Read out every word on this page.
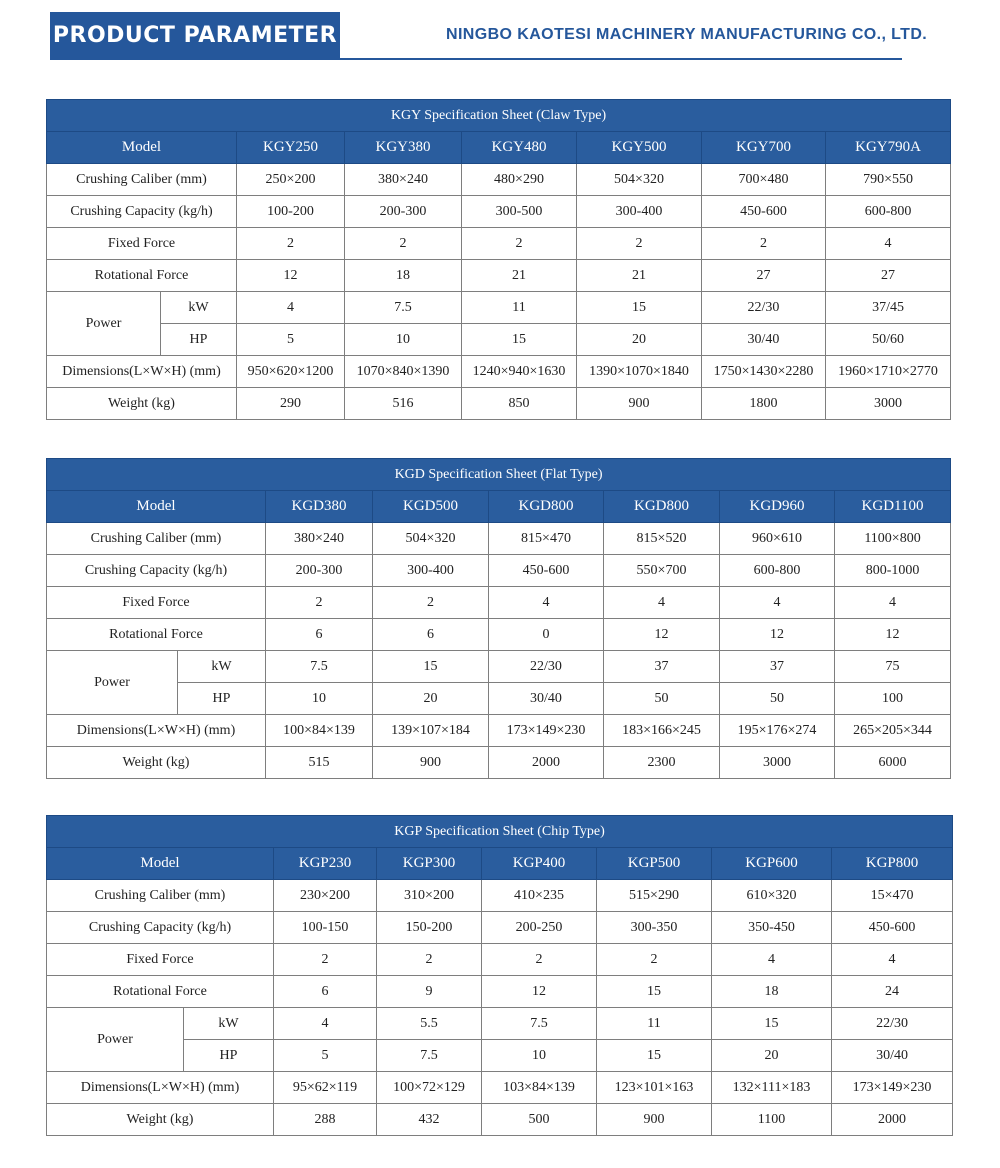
PRODUCT PARAMETER	NINGBO KAOTESI MACHINERY MANUFACTURING CO., LTD.
KGY Specification Sheet (Claw Type)							
Model		KGY250	KGY380	KGY480	KGY500	KGY700	KGY790A
Crushing Caliber (mm)		250×200	380×240	480×290	504×320	700×480	790×550
Crushing Capacity (kg/h)		100-200	200-300	300-500	300-400	450-600	600-800
Fixed Force		2	2	2	2	2	4
Rotational Force		12	18	21	21	27	27
Power	kW	4	7.5	11	15	22/30	37/45
	HP	5	10	15	20	30/40	50/60
Dimensions(L×W×H) (mm)		950×620×1200	1070×840×1390	1240×940×1630	1390×1070×1840	1750×1430×2280	1960×1710×2770
Weight (kg)		290	516	850	900	1800	3000
KGD Specification Sheet (Flat Type)							
Model		KGD380	KGD500	KGD800	KGD800	KGD960	KGD1100
Crushing Caliber (mm)		380×240	504×320	815×470	815×520	960×610	1100×800
Crushing Capacity (kg/h)		200-300	300-400	450-600	550×700	600-800	800-1000
Fixed Force		2	2	4	4	4	4
Rotational Force		6	6	0	12	12	12
Power	kW	7.5	15	22/30	37	37	75
	HP	10	20	30/40	50	50	100
Dimensions(L×W×H) (mm)		100×84×139	139×107×184	173×149×230	183×166×245	195×176×274	265×205×344
Weight (kg)		515	900	2000	2300	3000	6000
KGP Specification Sheet (Chip Type)							
Model		KGP230	KGP300	KGP400	KGP500	KGP600	KGP800
Crushing Caliber (mm)		230×200	310×200	410×235	515×290	610×320	15×470
Crushing Capacity (kg/h)		100-150	150-200	200-250	300-350	350-450	450-600
Fixed Force		2	2	2	2	4	4
Rotational Force		6	9	12	15	18	24
Power	kW	4	5.5	7.5	11	15	22/30
	HP	5	7.5	10	15	20	30/40
Dimensions(L×W×H) (mm)		95×62×119	100×72×129	103×84×139	123×101×163	132×111×183	173×149×230
Weight (kg)		288	432	500	900	1100	2000
